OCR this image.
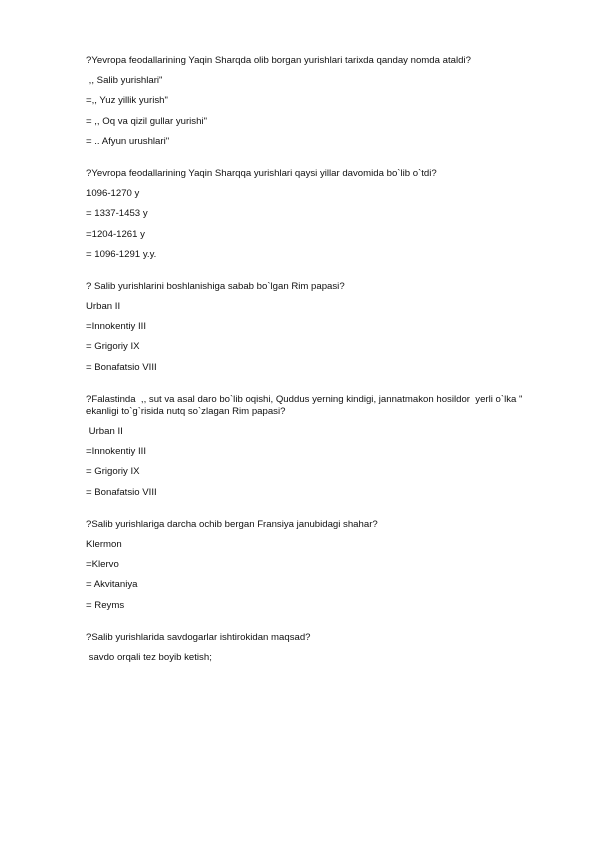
?Yevropa feodallarining Yaqin Sharqda olib borgan yurishlari tarixda qanday nomda ataldi?
,, Salib yurishlari"
=,, Yuz yillik yurish"
= ,, Oq va qizil gullar yurishi"
= .. Afyun urushlari"
?Yevropa feodallarining Yaqin Sharqqa yurishlari qaysi yillar davomida bo`lib o`tdi?
1096-1270 y
= 1337-1453 y
=1204-1261 y
= 1096-1291 y.y.
? Salib yurishlarini boshlanishiga sabab bo`lgan Rim papasi?
Urban II
=Innokentiy III
= Grigoriy IX
= Bonafatsio VIII
?Falastinda  ,, sut va asal daro bo`lib oqishi, Quddus yerning kindigi, jannatmakon hosildor  yerli o`lka " ekanligi to`g`risida nutq so`zlagan Rim papasi?
Urban II
=Innokentiy III
= Grigoriy IX
= Bonafatsio VIII
?Salib yurishlariga darcha ochib bergan Fransiya janubidagi shahar?
Klermon
=Klervo
= Akvitaniya
= Reyms
?Salib yurishlarida savdogarlar ishtirokidan maqsad?
savdo orqali tez boyib ketish;
